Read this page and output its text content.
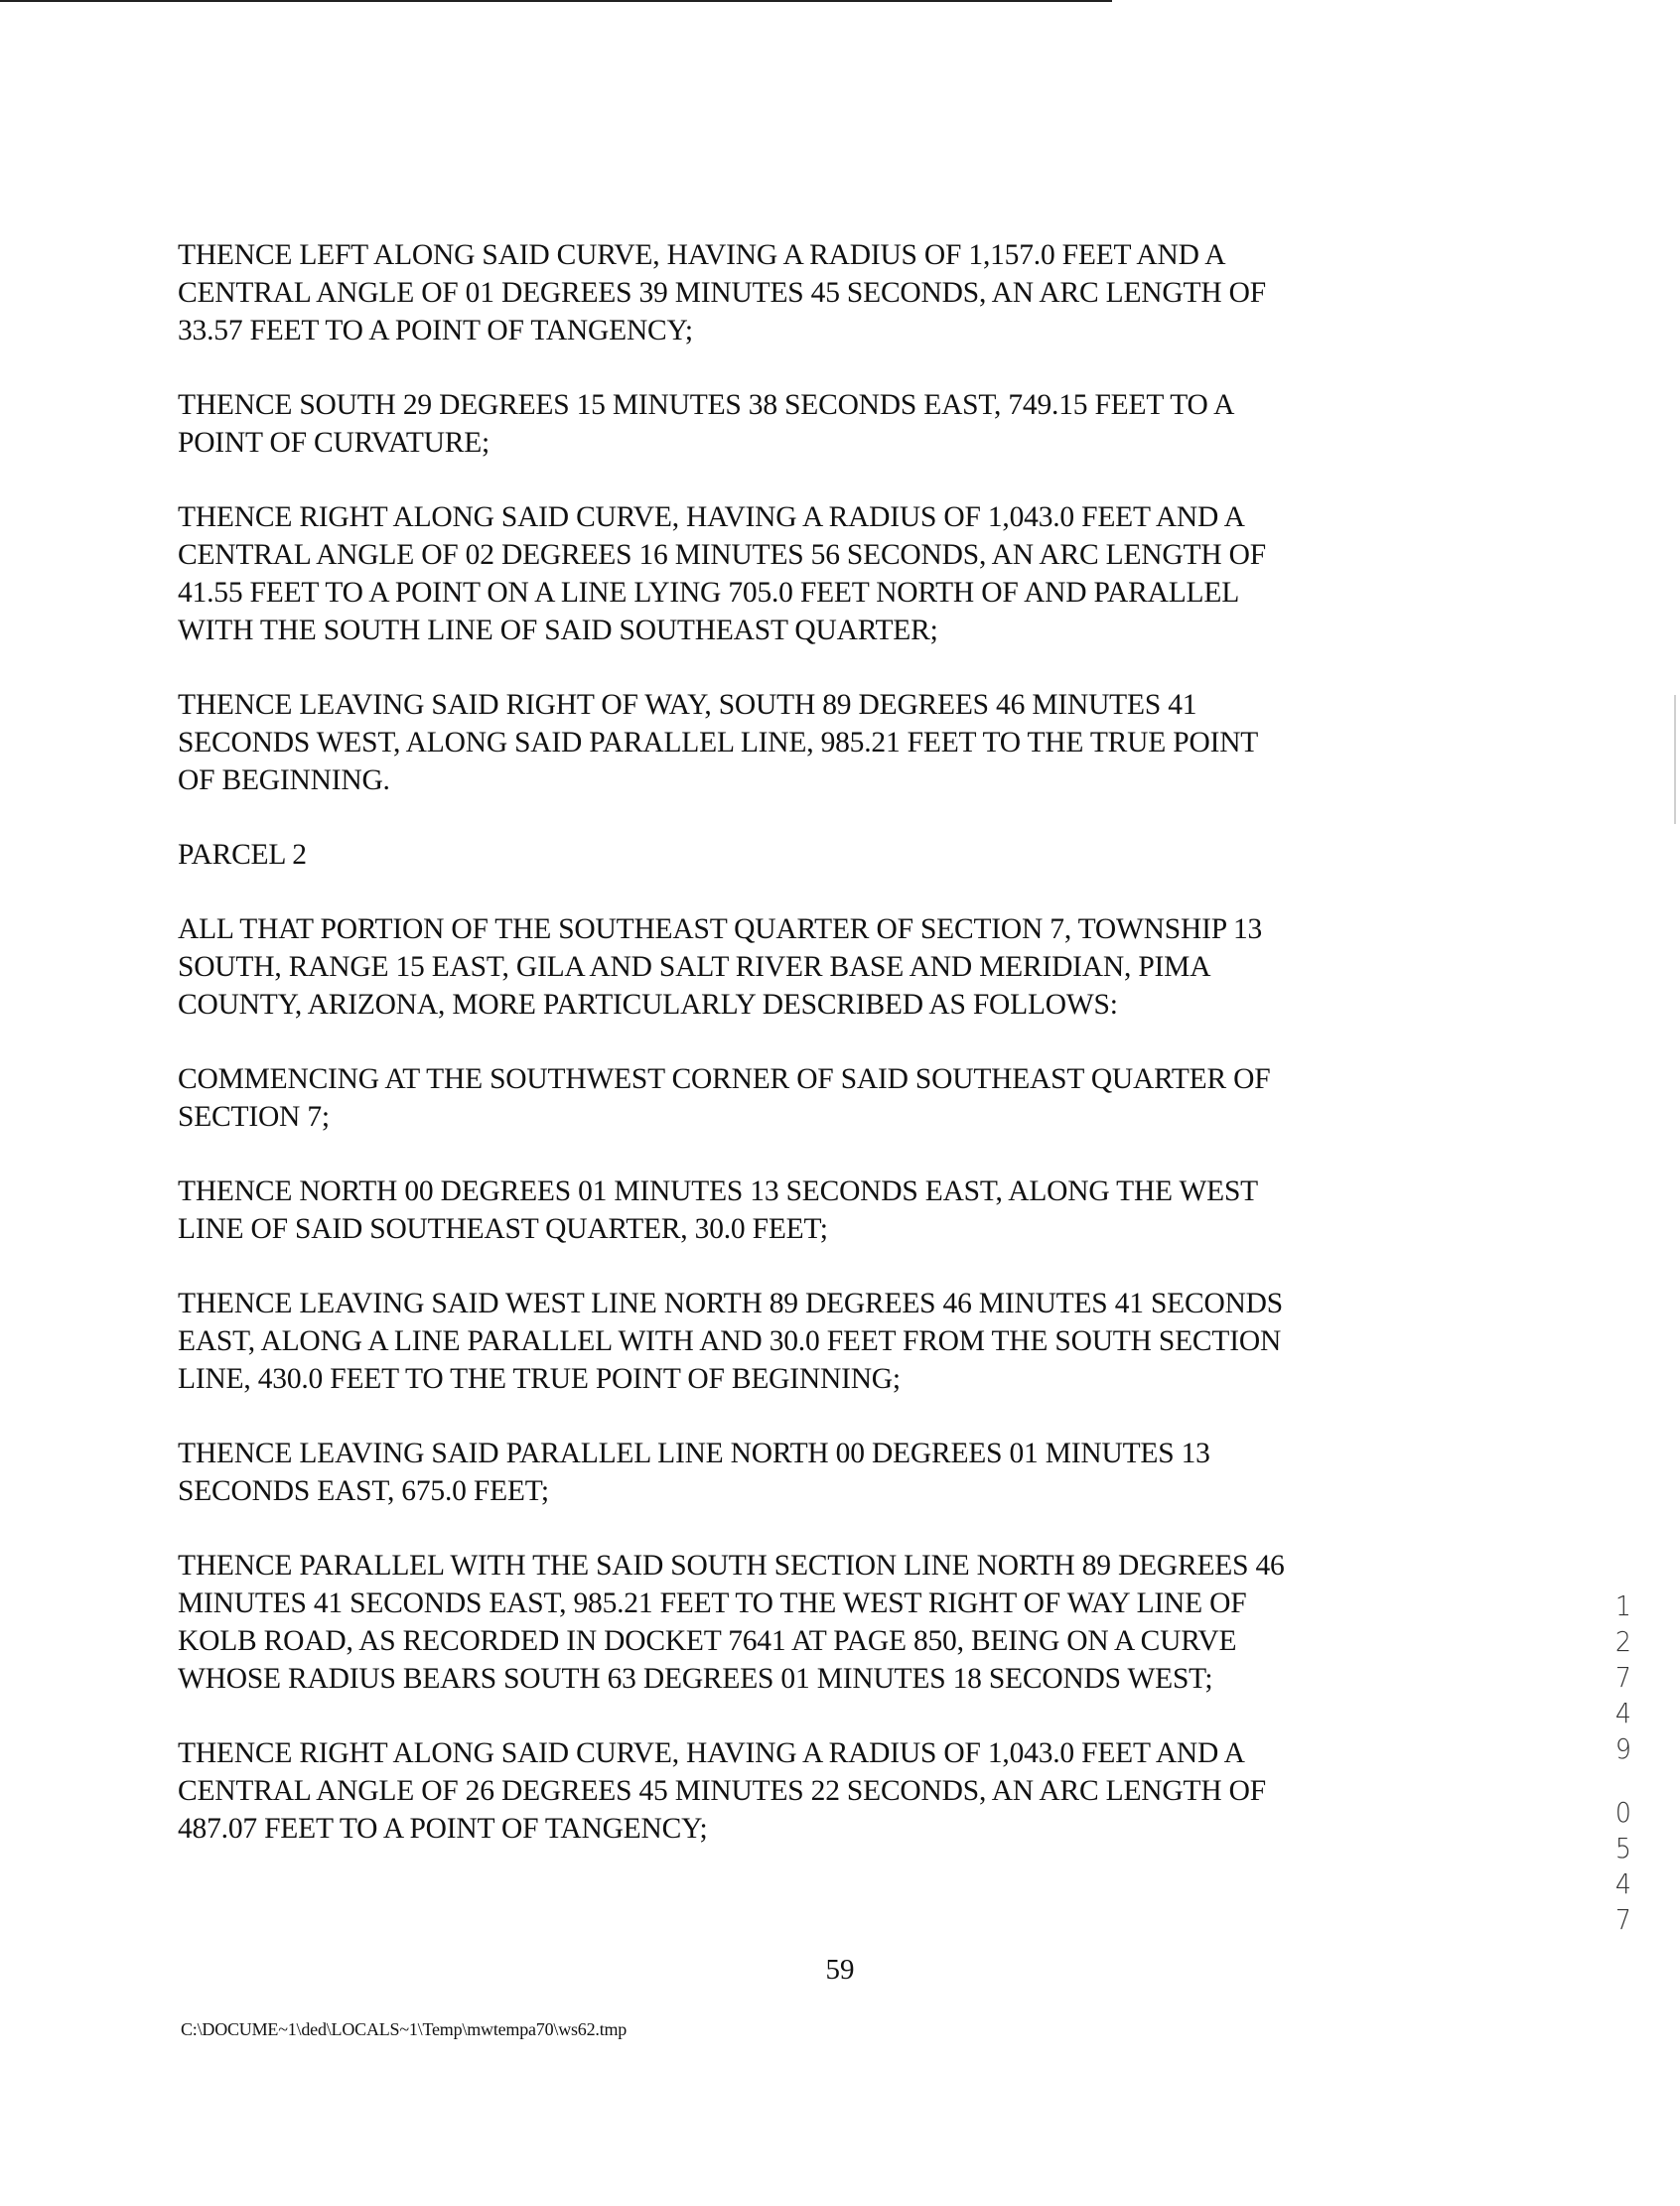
THENCE LEFT ALONG SAID CURVE, HAVING A RADIUS OF 1,157.0 FEET AND A
CENTRAL ANGLE OF 01 DEGREES 39 MINUTES 45 SECONDS, AN ARC LENGTH OF
33.57 FEET TO A POINT OF TANGENCY;

THENCE SOUTH 29 DEGREES 15 MINUTES 38 SECONDS EAST, 749.15 FEET TO A
POINT OF CURVATURE;

THENCE RIGHT ALONG SAID CURVE, HAVING A RADIUS OF 1,043.0 FEET AND A
CENTRAL ANGLE OF 02 DEGREES 16 MINUTES 56 SECONDS, AN ARC LENGTH OF
41.55 FEET TO A POINT ON A LINE LYING 705.0 FEET NORTH OF AND PARALLEL
WITH THE SOUTH LINE OF SAID SOUTHEAST QUARTER;

THENCE LEAVING SAID RIGHT OF WAY, SOUTH 89 DEGREES 46 MINUTES 41
SECONDS WEST, ALONG SAID PARALLEL LINE, 985.21 FEET TO THE TRUE POINT
OF BEGINNING.

PARCEL 2

ALL THAT PORTION OF THE SOUTHEAST QUARTER OF SECTION 7, TOWNSHIP 13
SOUTH, RANGE 15 EAST, GILA AND SALT RIVER BASE AND MERIDIAN, PIMA
COUNTY, ARIZONA, MORE PARTICULARLY DESCRIBED AS FOLLOWS:

COMMENCING AT THE SOUTHWEST CORNER OF SAID SOUTHEAST QUARTER OF
SECTION 7;

THENCE NORTH 00 DEGREES 01 MINUTES 13 SECONDS EAST, ALONG THE WEST
LINE OF SAID SOUTHEAST QUARTER, 30.0 FEET;

THENCE LEAVING SAID WEST LINE NORTH 89 DEGREES 46 MINUTES 41 SECONDS
EAST, ALONG A LINE PARALLEL WITH AND 30.0 FEET FROM THE SOUTH SECTION
LINE, 430.0 FEET TO THE TRUE POINT OF BEGINNING;

THENCE LEAVING SAID PARALLEL LINE NORTH 00 DEGREES 01 MINUTES 13
SECONDS EAST, 675.0 FEET;

THENCE PARALLEL WITH THE SAID SOUTH SECTION LINE NORTH 89 DEGREES 46
MINUTES 41 SECONDS EAST, 985.21 FEET TO THE WEST RIGHT OF WAY LINE OF
KOLB ROAD, AS RECORDED IN DOCKET 7641 AT PAGE 850, BEING ON A CURVE
WHOSE RADIUS BEARS SOUTH 63 DEGREES 01 MINUTES 18 SECONDS WEST;

THENCE RIGHT ALONG SAID CURVE, HAVING A RADIUS OF 1,043.0 FEET AND A
CENTRAL ANGLE OF 26 DEGREES 45 MINUTES 22 SECONDS, AN ARC LENGTH OF
487.07 FEET TO A POINT OF TANGENCY;

59
C:\DOCUME~1\ded\LOCALS~1\Temp\mwtempa70\ws62.tmp
1
2
7
4
9
0
5
4
7
